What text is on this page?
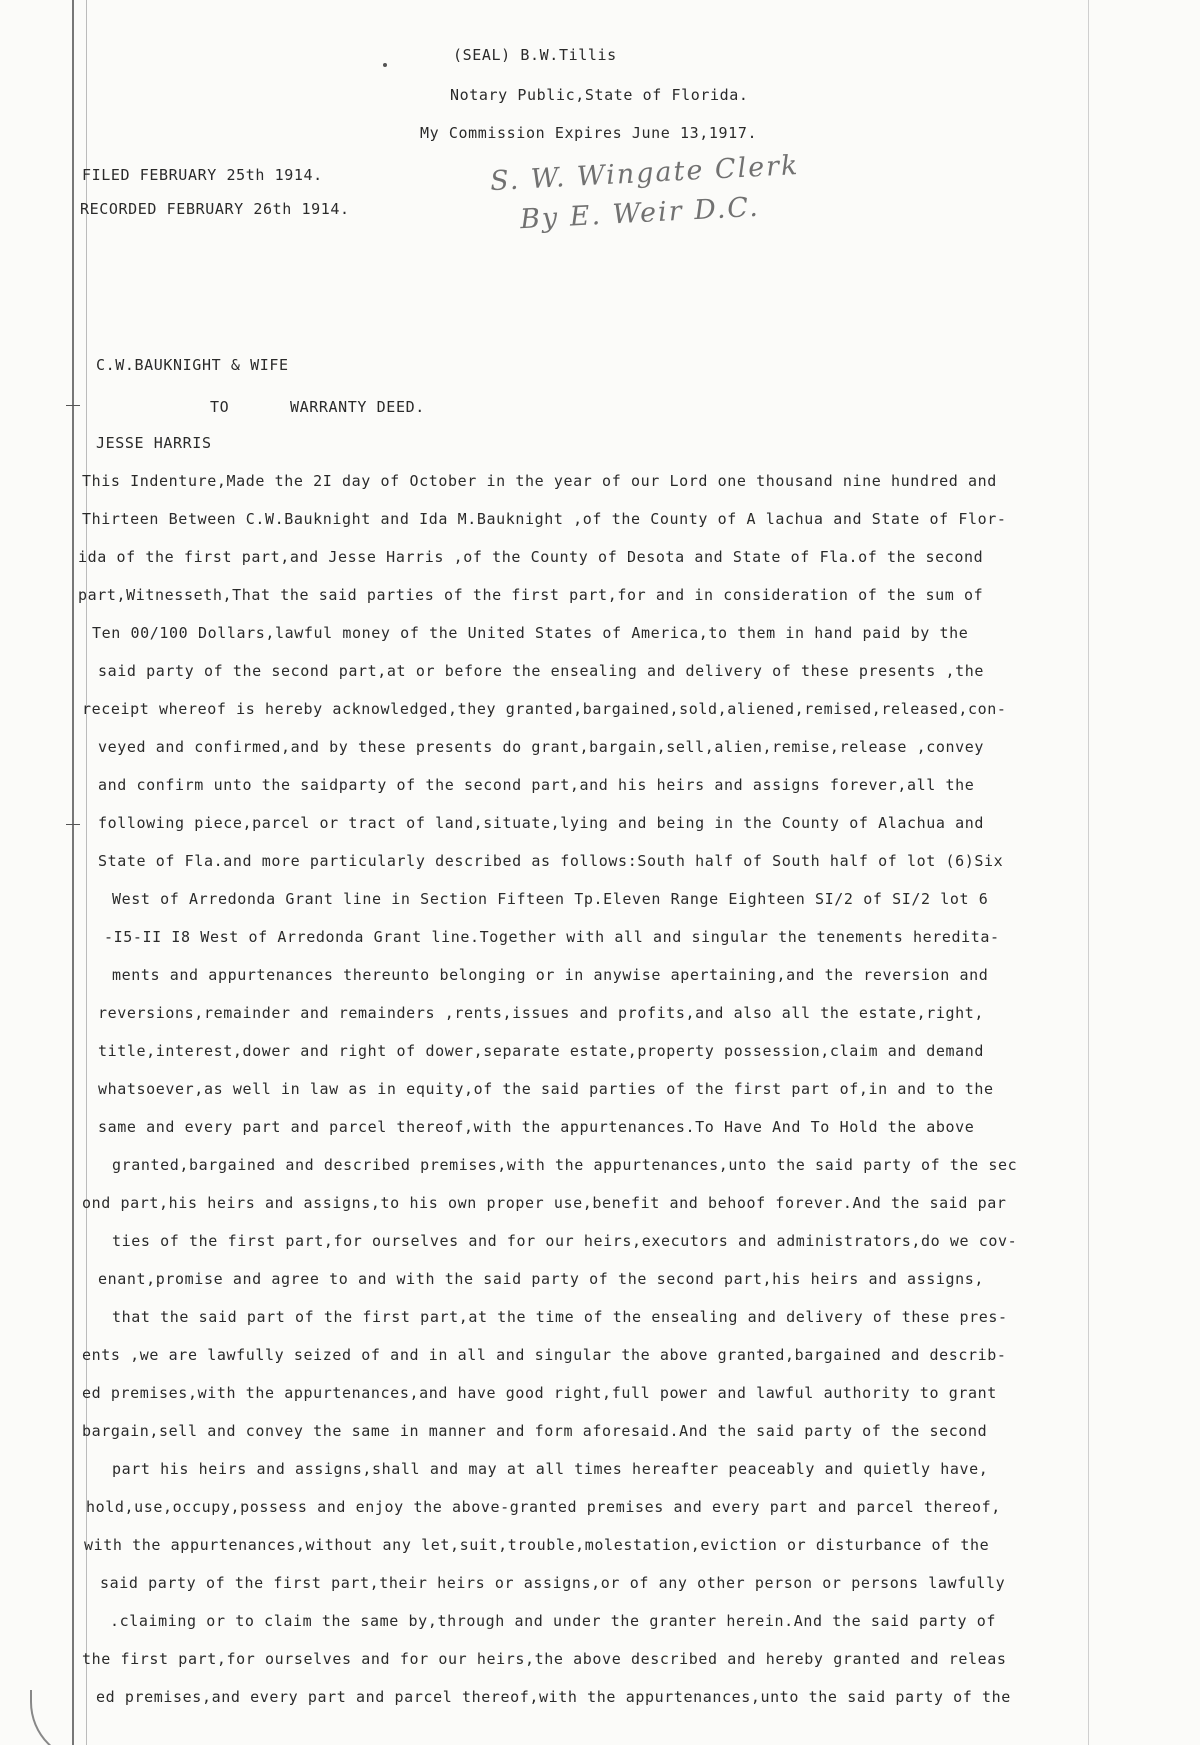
(SEAL) B.W.Tillis
Notary Public,State of Florida.
My Commission Expires June 13,1917.
FILED FEBRUARY 25th 1914.
RECORDED FEBRUARY 26th 1914.
S. W. Wingate Clerk
By E. Weir D.C.
C.W.BAUKNIGHT & WIFE
TO	WARRANTY DEED.
JESSE HARRIS
This Indenture,Made the 2I day of October in the year of our Lord one thousand nine hundred and
Thirteen Between C.W.Bauknight and Ida M.Bauknight ,of the County of A lachua and State of Flor-
ida of the first part,and Jesse Harris ,of the County of Desota and State of Fla.of the second
part,Witnesseth,That the said parties of the first part,for and in consideration of the sum of
Ten 00/100 Dollars,lawful money of the United States of America,to them in hand paid by the
said party of the second part,at or before the ensealing and delivery of these presents ,the
receipt whereof is hereby acknowledged,they granted,bargained,sold,aliened,remised,released,con-
veyed and confirmed,and by these presents do grant,bargain,sell,alien,remise,release ,convey
and confirm unto the saidparty of the second part,and his heirs and assigns forever,all the
following piece,parcel or tract of land,situate,lying and being in the County of Alachua and
State of Fla.and more particularly described as follows:South half of South half of lot (6)Six
West of Arredonda Grant line in Section Fifteen Tp.Eleven Range Eighteen SI/2 of SI/2 lot 6
-I5-II I8 West of Arredonda Grant line.Together with all and singular the tenements heredita-
ments and appurtenances thereunto belonging or in anywise apertaining,and the reversion and
reversions,remainder and remainders ,rents,issues and profits,and also all the estate,right,
title,interest,dower and right of dower,separate estate,property possession,claim and demand
whatsoever,as well in law as in equity,of the said parties of the first part of,in and to the
same and every part and parcel thereof,with the appurtenances.To Have And To Hold the above
granted,bargained and described premises,with the appurtenances,unto the said party of the sec
ond part,his heirs and assigns,to his own proper use,benefit and behoof forever.And the said par
ties of the first part,for ourselves and for our heirs,executors and administrators,do we cov-
enant,promise and agree to and with the said party of the second part,his heirs and assigns,
that the said part of the first part,at the time of the ensealing and delivery of these pres-
ents ,we are lawfully seized of and in all and singular the above granted,bargained and describ-
ed premises,with the appurtenances,and have good right,full power and lawful authority to grant
bargain,sell and convey the same in manner and form aforesaid.And the said party of the second
part his heirs and assigns,shall and may at all times hereafter peaceably and quietly have,
hold,use,occupy,possess and enjoy the above-granted premises and every part and parcel thereof,
with the appurtenances,without any let,suit,trouble,molestation,eviction or disturbance of the
said party of the first part,their heirs or assigns,or of any other person or persons lawfully
.claiming or to claim the same by,through and under the granter herein.And the said party of
the first part,for ourselves and for our heirs,the above described and hereby granted and releas
ed premises,and every part and parcel thereof,with the appurtenances,unto the said party of the
